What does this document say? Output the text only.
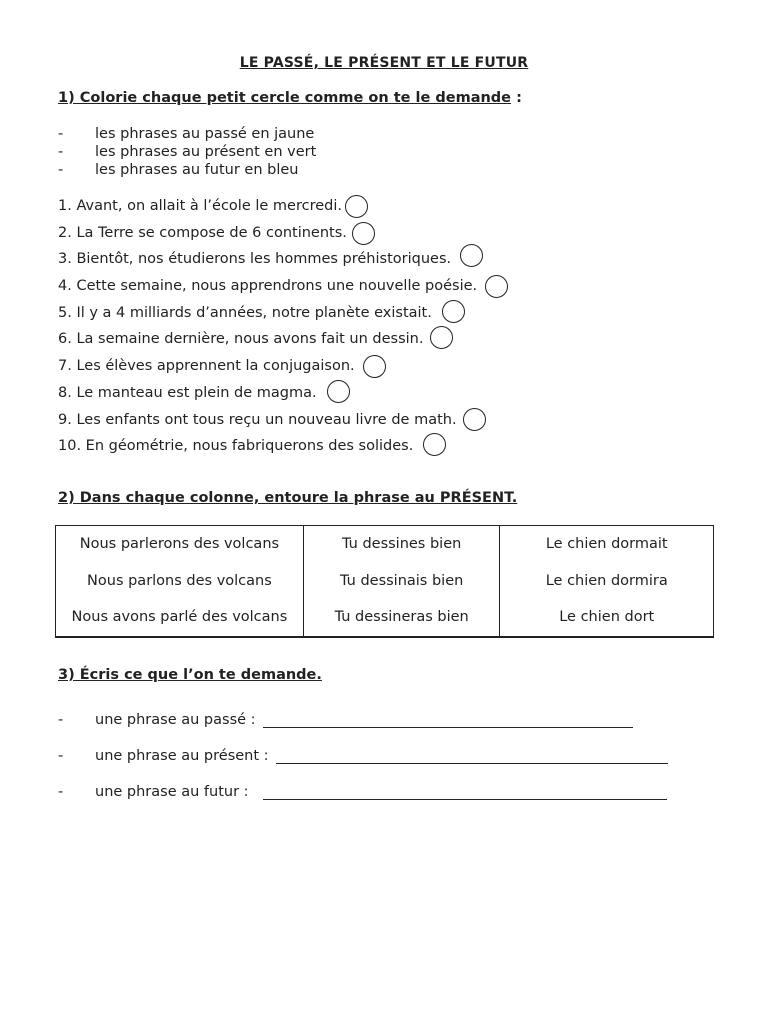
LE PASSÉ, LE PRÉSENT ET LE FUTUR
1) Colorie chaque petit cercle comme on te le demande :
-	les phrases au passé en jaune
-	les phrases au présent en vert
-	les phrases au futur en bleu
1. Avant, on allait à l’école le mercredi.
2. La Terre se compose de 6 continents.
3. Bientôt, nos étudierons les hommes préhistoriques.
4. Cette semaine, nous apprendrons une nouvelle poésie.
5. Il y a 4 milliards d’années, notre planète existait.
6. La semaine dernière, nous avons fait un dessin.
7. Les élèves apprennent la conjugaison.
8. Le manteau est plein de magma.
9. Les enfants ont tous reçu un nouveau livre de math.
10. En géométrie, nous fabriquerons des solides.
2) Dans chaque colonne, entoure la phrase au PRÉSENT.
Nous parlerons des volcans	Tu dessines bien	Le chien dormait
Nous parlons des volcans	Tu dessinais bien	Le chien dormira
Nous avons parlé des volcans	Tu dessineras bien	Le chien dort
3) Écris ce que l’on te demande.
-	une phrase au passé :
-	une phrase au présent :
-	une phrase au futur :
